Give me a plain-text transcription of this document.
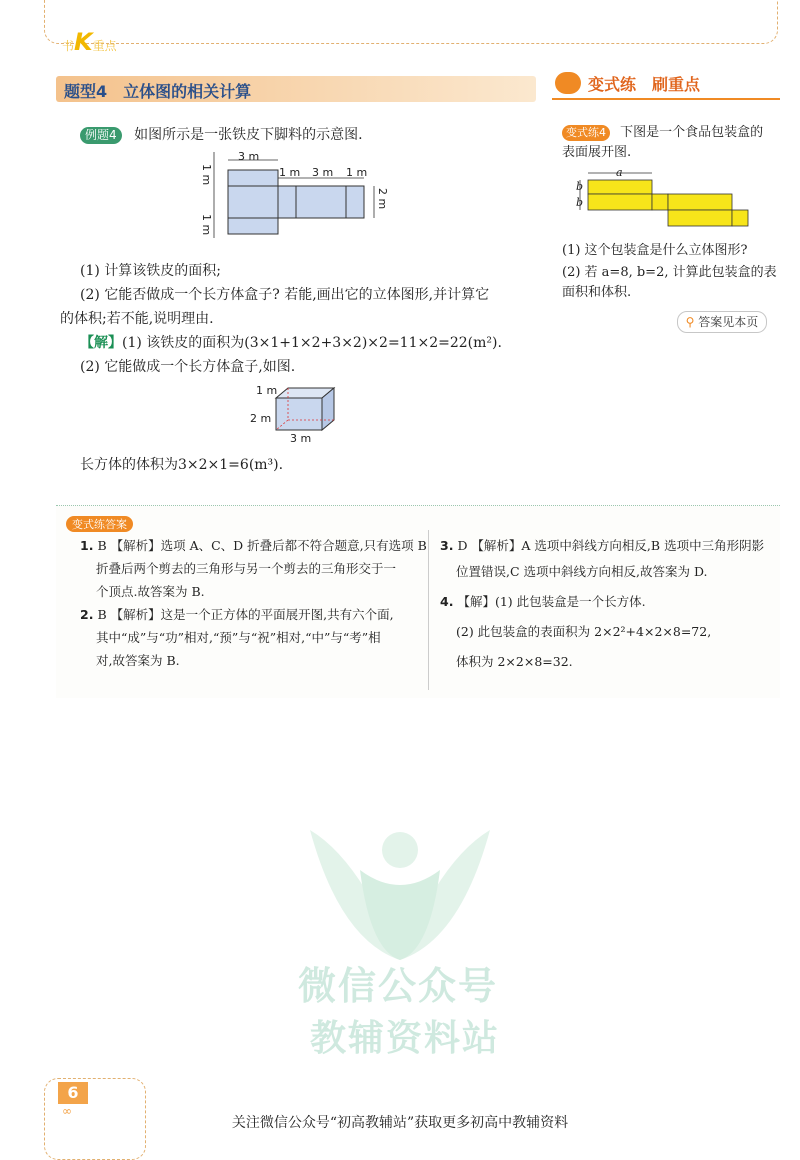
书K重点
题型4　立体图的相关计算	变式练　刷重点
例题4 如图所示是一张铁皮下脚料的示意图.
3 m
1 m 3 m 1 m
1 m
1 m
2 m
(1) 计算该铁皮的面积;
(2) 它能否做成一个长方体盒子? 若能,画出它的立体图形,并计算它
的体积;若不能,说明理由.
【解】(1) 该铁皮的面积为(3×1+1×2+3×2)×2=11×2=22(m²).
(2) 它能做成一个长方体盒子,如图.
1 m
2 m
3 m
长方体的体积为3×2×1=6(m³).
变式练4 下图是一个食品包装盒的
表面展开图.
a
b
b
(1) 这个包装盒是什么立体图形?
(2) 若 a=8, b=2, 计算此包装盒的表
面积和体积.
⚲ 答案见本页
变式练答案
1. B 【解析】选项 A、C、D 折叠后都不符合题意,只有选项 B
折叠后两个剪去的三角形与另一个剪去的三角形交于一
个顶点.故答案为 B.
2. B 【解析】这是一个正方体的平面展开图,共有六个面,
其中“成”与“功”相对,“预”与“祝”相对,“中”与“考”相
对,故答案为 B.
3. D 【解析】A 选项中斜线方向相反,B 选项中三角形阴影
位置错误,C 选项中斜线方向相反,故答案为 D.
4. 【解】(1) 此包装盒是一个长方体.
(2) 此包装盒的表面积为 2×2²+4×2×8=72,
体积为 2×2×8=32.
微信公众号
教辅资料站
6
∞
关注微信公众号“初高教辅站”获取更多初高中教辅资料
